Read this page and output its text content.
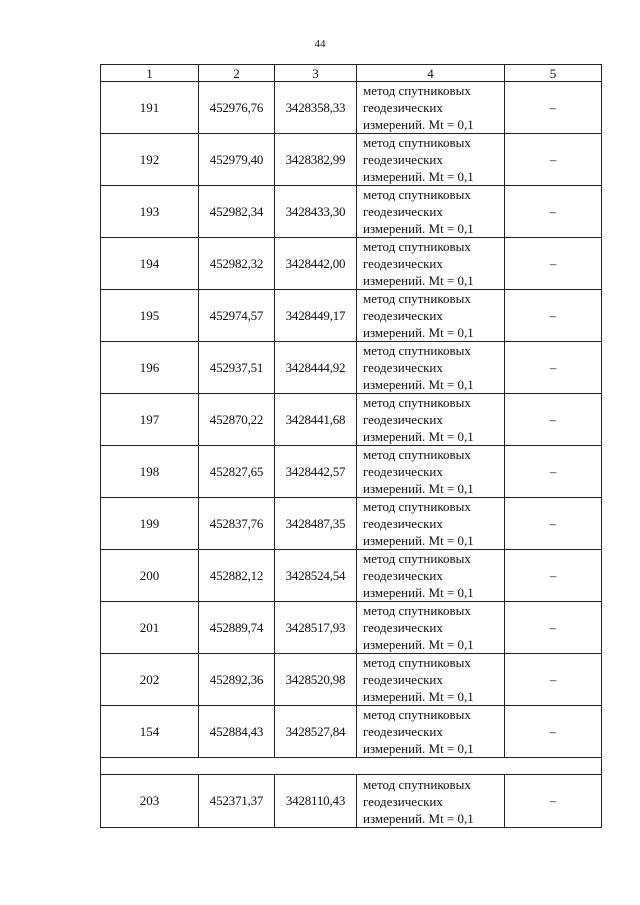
44
1	2	3	4	5
191	452976,76	3428358,33	метод спутниковых
геодезических
измерений. Mt = 0,1	–
192	452979,40	3428382,99	метод спутниковых
геодезических
измерений. Mt = 0,1	–
193	452982,34	3428433,30	метод спутниковых
геодезических
измерений. Mt = 0,1	–
194	452982,32	3428442,00	метод спутниковых
геодезических
измерений. Mt = 0,1	–
195	452974,57	3428449,17	метод спутниковых
геодезических
измерений. Mt = 0,1	–
196	452937,51	3428444,92	метод спутниковых
геодезических
измерений. Mt = 0,1	–
197	452870,22	3428441,68	метод спутниковых
геодезических
измерений. Mt = 0,1	–
198	452827,65	3428442,57	метод спутниковых
геодезических
измерений. Mt = 0,1	–
199	452837,76	3428487,35	метод спутниковых
геодезических
измерений. Mt = 0,1	–
200	452882,12	3428524,54	метод спутниковых
геодезических
измерений. Mt = 0,1	–
201	452889,74	3428517,93	метод спутниковых
геодезических
измерений. Mt = 0,1	–
202	452892,36	3428520,98	метод спутниковых
геодезических
измерений. Mt = 0,1	–
154	452884,43	3428527,84	метод спутниковых
геодезических
измерений. Mt = 0,1	–

203	452371,37	3428110,43	метод спутниковых
геодезических
измерений. Mt = 0,1	–
